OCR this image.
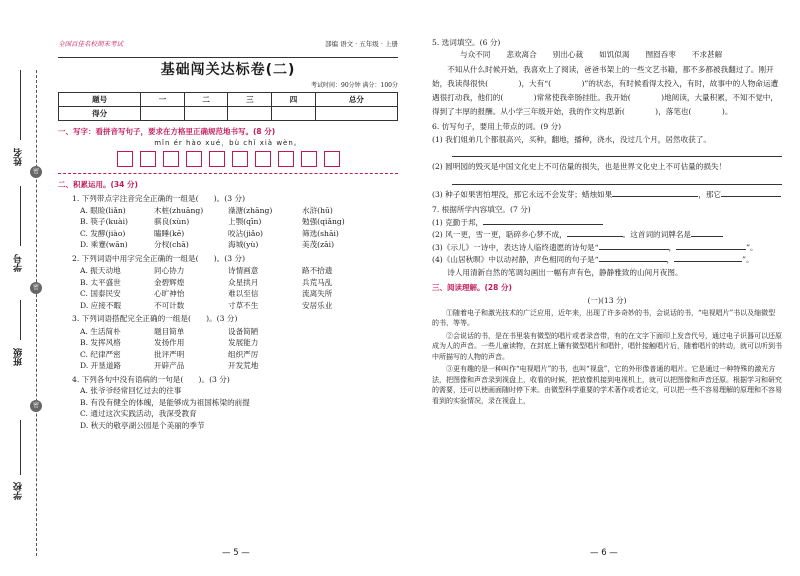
姓名
密
学号
密
班级
密
学校
全国百佳名校期末考试	部编 语文 · 五年级 · 上册
基础闯关达标卷(二)
考试时间：90分钟 满分：100分
题号	一	二	三	四	总分
得分					
一、写字：看拼音写句子，要求在方格里正确规范地书写。(8 分)
mǐn ér hào xué，bù chǐ xià wèn。
二、积累运用。(34 分)
1. 下列带点字注音完全正确的一组是(　　)。(3 分)
A. 眼睑(liǎn)	木桩(zhuāng)	澡溏(zhāng)	水浒(hū)
B. 筷子(kuài)	骐良(xùn)	上颚(qīn)	勉强(qiǎng)
C. 发酵(jiào)	瞌睡(kē)	咬沾(jiǎo)	筛选(shāi)
D. 乘蹇(wān)	分杈(chā)	海城(yù)	美茂(zāi)
2. 下列词语中用字完全正确的一组是(　　)。(3 分)
A. 振天动地	同心协力	诗情画意	路不拾遗
B. 太平盛世	金碧辉煌	众星拱月	兵荒马乱
C. 国泰民安	心旷神怡	难以至信	流离失所
D. 应接不暇	不可计数	寸草不生	安居乐业
3. 下列词语搭配完全正确的一组是(　　)。(3 分)
A. 生活简朴	题目简单	设备简陋
B. 发挥风格	发扬作用	发展能力
C. 纪律严密	批评严明	组织严厉
D. 开垦道路	开辟产品	开发荒地
4. 下列各句中没有语病的一句是(　　)。(3 分)
A. 张爷爷经常回忆过去的往事
B. 有没有健全的体魄，是能够成为祖国栋梁的前提
C. 通过这次实践活动，我深受教育
D. 秋天的敬亭湖公园是个美丽的季节
— 5 —
5. 选词填空。(6 分)
与众不同 悲欢离合 别出心裁 如饥似渴 囫囵吞枣 不求甚解
不知从什么时候开始，我喜欢上了阅读，爸爸书架上的一些文艺书籍，都不多都被我翻过了。刚开始，我读得很快(　　　　)，大有“(　　　　)”的状态，有时候看得太投入，有时，故事中的人物命运遭遇很打动我，他们的(　　　　)常常使我牵肠挂肚。我开始(　　　　)地阅读，大量积累，不知不觉中，得到了丰厚的报酬。从小学三年级开始，我的作文构思新(　　　　)，落笔也(　　　　)。
6. 仿写句子，要用上带点的词。(9 分)
(1) 我们姐弟几个都很高兴，买种，翻地，播种，浇水，没过几个月，居然收获了。
(2) 圆明园的毁灭是中国文化史上不可估量的损失，也是世界文化史上不可估量的损失！
(3) 种子如果害怕埋没，那它永远不会发芽；蜡烛如果	，那它
7. 根据所学内容填空。(7 分)
(1) 克勤于邦，
(2) 风一更，雪一更，聒碎乡心梦不成，	。这首词的词牌名是
(3)《示儿》一诗中，表达诗人临终遗愿的诗句是“	，	”。
(4)《山居秋暝》中以动衬静，声色相同的句子是“	，	”。
诗人用清新自然的笔调勾画出一幅有声有色，静静雅致的山间月夜图。
三、阅读理解。(28 分)
(一)(13 分)
①随着电子和激光技术的广泛应用，近年来，出现了许多奇妙的书，会说话的书，“电视唱片”书以及缩微型的书，等等。
②会说话的书，是在书里装有微型的唱片或者录音带，有的在文字下面印上发音代号，通过电子识器可以还原成为人的声音。一些儿童读物，在封底上镶有微型唱片和唱针，唱针接触唱片后，随着唱片的转动，就可以听到书中所描写的人物的声音。
③更有趣的是一种叫作“电视唱片”的书，也叫“视盘”，它的外形像普通的唱片。它是通过一种特殊的激光方法，把图像和声音录到视盘上，收看的时候，把放像机接到电视机上，就可以把图像和声音还原。根据学习和研究的需要，还可以使画面随时停下来。由微型科学重要的学术著作或者论文，可以把一些不容易理解的原理和不容易看到的实验情况，录在视盘上，
— 6 —
